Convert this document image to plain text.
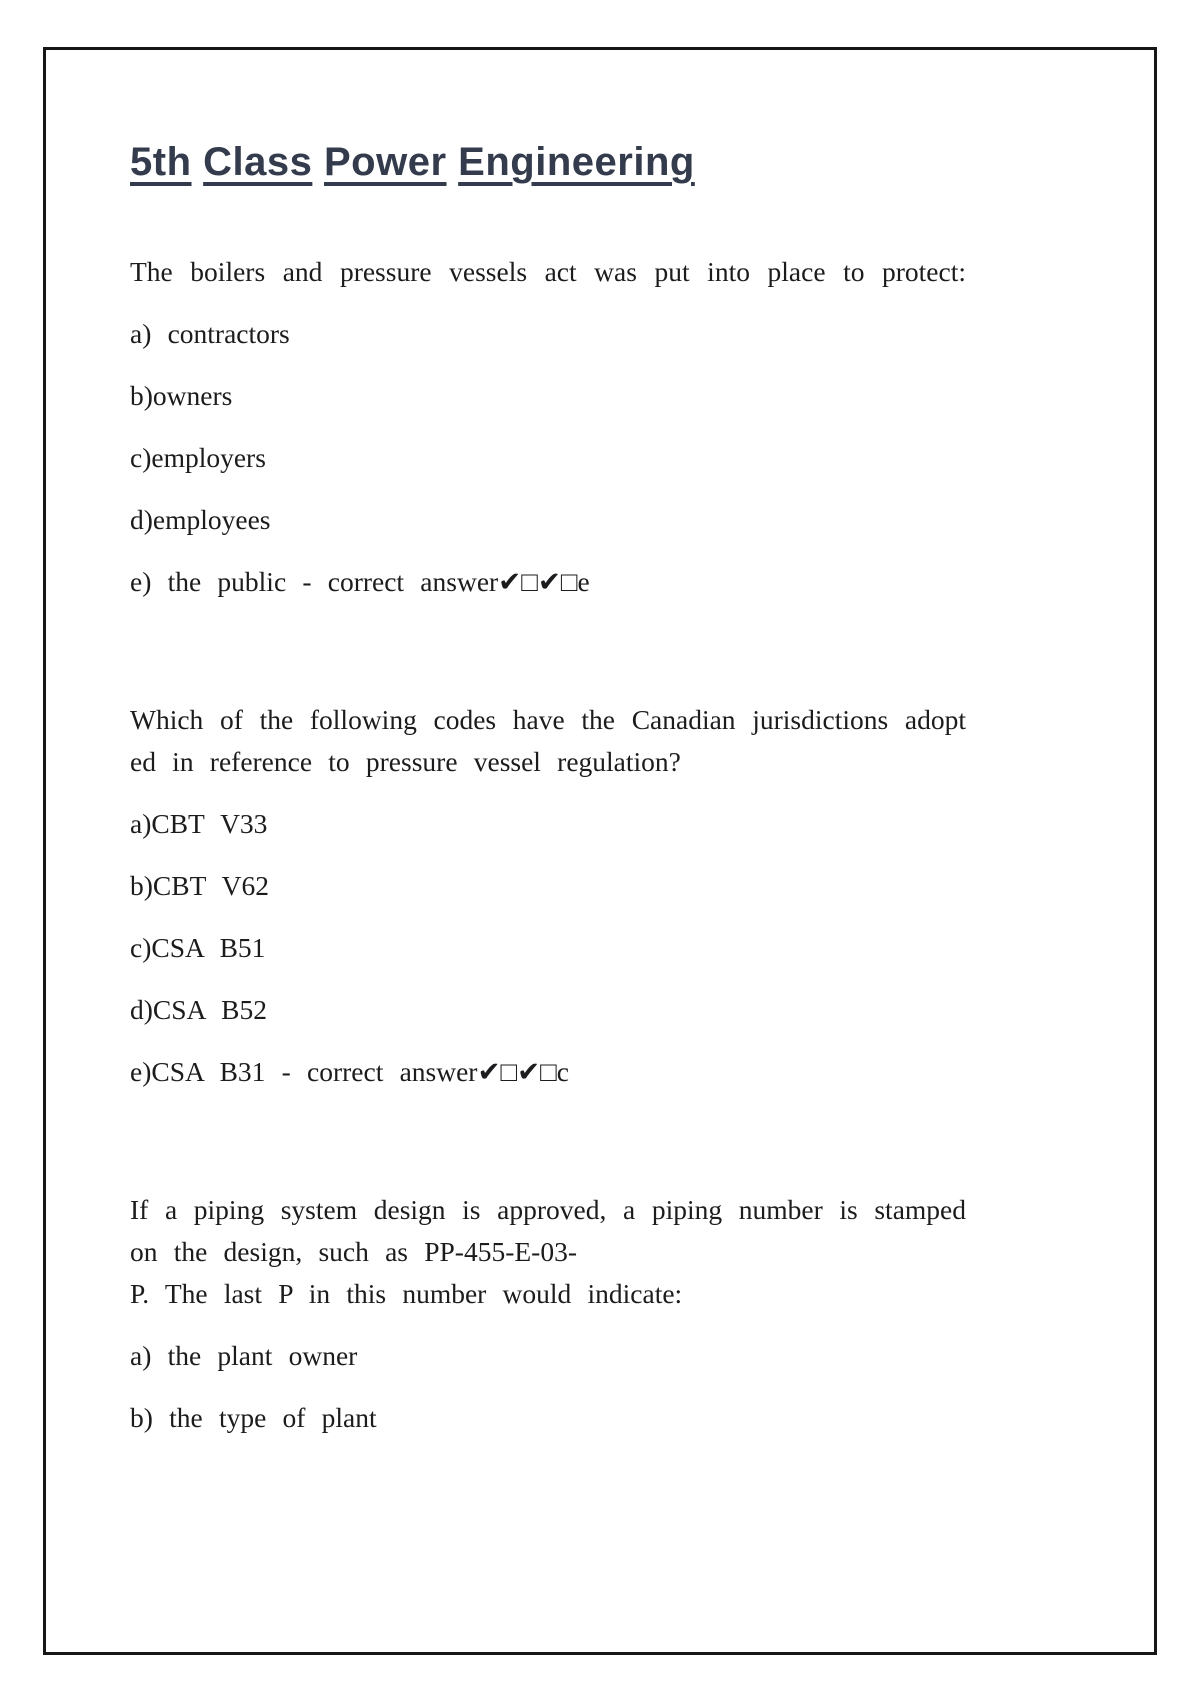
5th Class Power Engineering
The boilers and pressure vessels act was put into place to protect:
a) contractors
b)owners
c)employers
d)employees
e) the public - correct answer✔□✔□e
Which of the following codes have the Canadian jurisdictions adopt
ed in reference to pressure vessel regulation?
a)CBT V33
b)CBT V62
c)CSA B51
d)CSA B52
e)CSA B31 - correct answer✔□✔□c
If a piping system design is approved, a piping number is stamped
on the design, such as PP-455-E-03-
P. The last P in this number would indicate:
a) the plant owner
b) the type of plant
